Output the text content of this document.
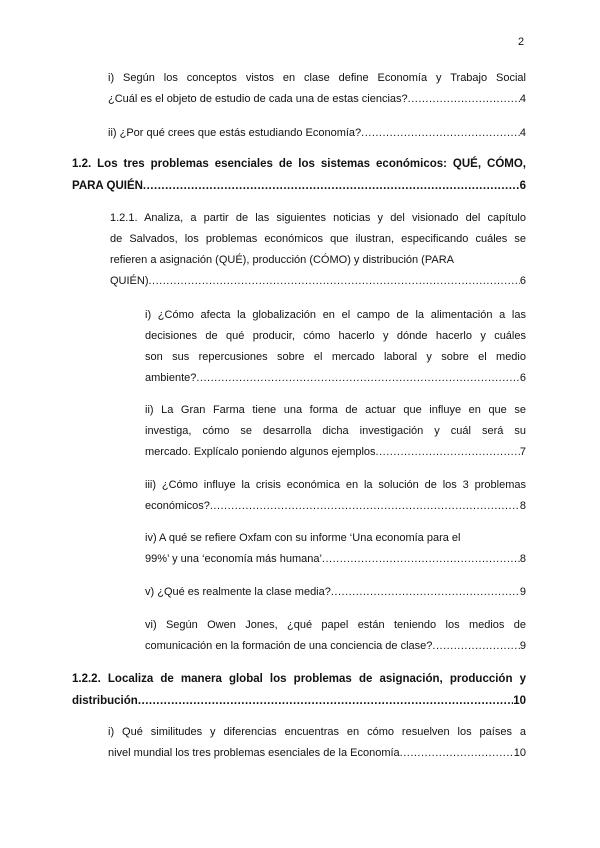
2
i) Según los conceptos vistos en clase define Economía y Trabajo Social
¿Cuál es el objeto de estudio de cada una de estas ciencias? .....	4
ii) ¿Por qué crees que estás estudiando Economía? .....	4
1.2. Los tres problemas esenciales de los sistemas económicos: QUÉ, CÓMO,
PARA QUIÉN .....	6
1.2.1. Analiza, a partir de las siguientes noticias y del visionado del capítulo
de Salvados, los problemas económicos que ilustran, especificando cuáles se
refieren a asignación (QUÉ), producción (CÓMO) y distribución (PARA
QUIÉN) .....	6
i) ¿Cómo afecta la globalización en el campo de la alimentación a las
decisiones de qué producir, cómo hacerlo y dónde hacerlo y cuáles
son sus repercusiones sobre el mercado laboral y sobre el medio
ambiente? .....	6
ii) La Gran Farma tiene una forma de actuar que influye en que se
investiga, cómo se desarrolla dicha investigación y cuál será su
mercado. Explícalo poniendo algunos ejemplos .....	7
iii) ¿Cómo influye la crisis económica en la solución de los 3 problemas
económicos? .....	8
iv) A qué se refiere Oxfam con su informe ‘Una economía para el
99%’ y una ‘economía más humana’ .....	8
v) ¿Qué es realmente la clase media? .....	9
vi) Según Owen Jones, ¿qué papel están teniendo los medios de
comunicación en la formación de una conciencia de clase? .....	9
1.2.2. Localiza de manera global los problemas de asignación, producción y
distribución .....	10
i) Qué similitudes y diferencias encuentras en cómo resuelven los países a
nivel mundial los tres problemas esenciales de la Economía .....	10
